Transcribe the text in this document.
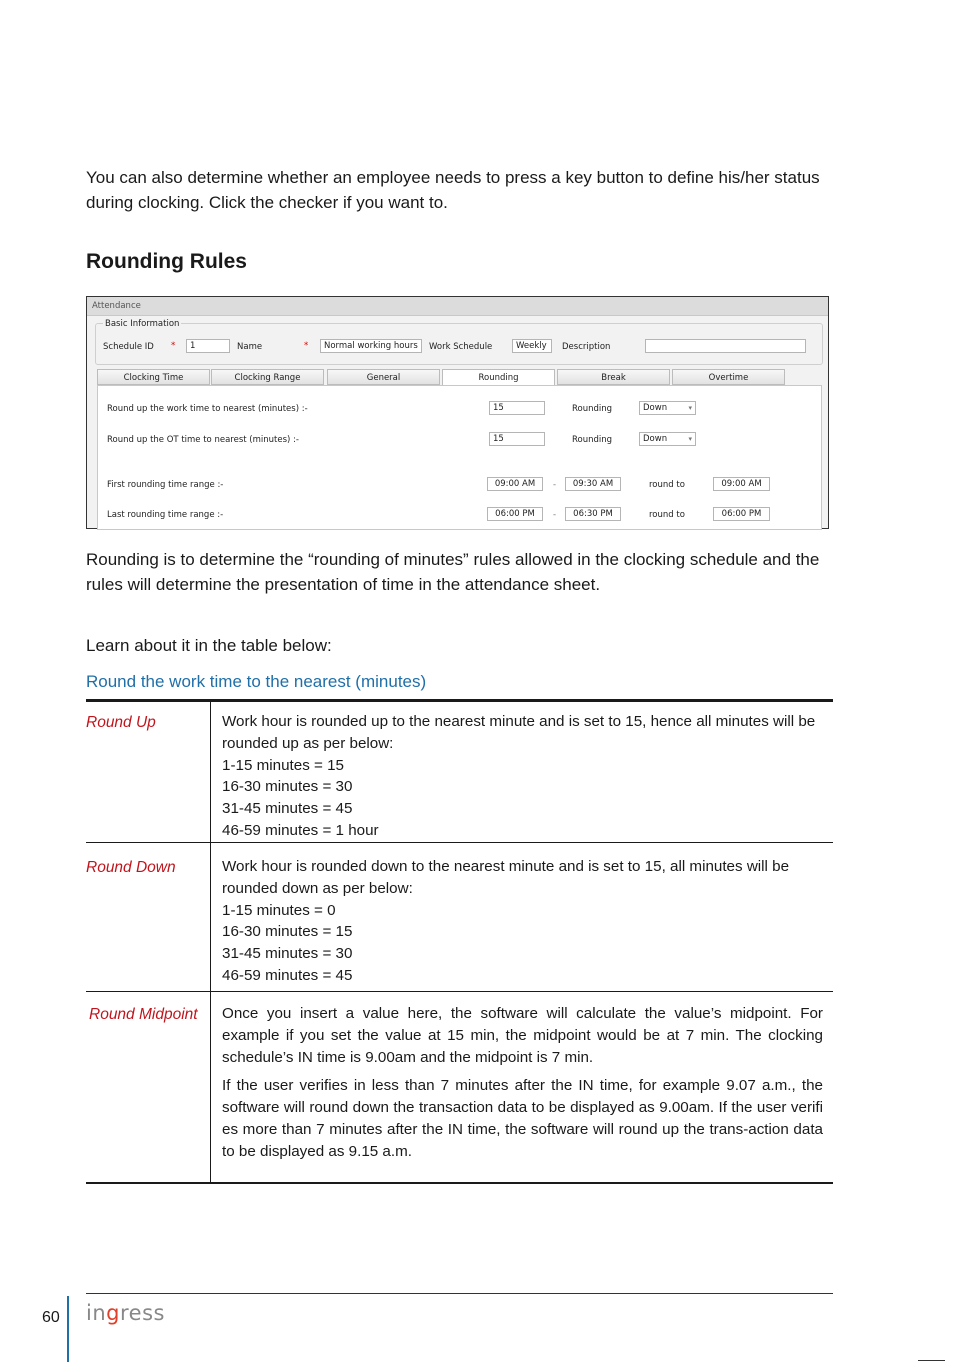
You can also determine whether an employee needs to press a key button to define his/her status during clocking. Click the checker if you want to.
Rounding Rules
Attendance
Basic Information
Schedule ID *	1	Name	*	Normal working hours	Work Schedule	Weekly	Description
Clocking Time	Clocking Range	General	Rounding	Break	Overtime
Round up the work time to nearest (minutes) :-	15	Rounding	Down ▾
Round up the OT time to nearest (minutes) :-	15	Rounding	Down ▾
First rounding time range :-	09:00 AM	-	09:30 AM	round to	09:00 AM
Last rounding time range :-	06:00 PM	-	06:30 PM	round to	06:00 PM
Rounding is to determine the “rounding of minutes” rules allowed in the clocking schedule and the rules will determine the presentation of time in the attendance sheet.
Learn about it in the table below:
Round the work time to the nearest (minutes)
Round Up	Work hour is rounded up to the nearest minute and is set to 15, hence all minutes will be rounded up as per below:

1-15 minutes = 15

16-30 minutes = 30

31-45 minutes = 45

46-59 minutes = 1 hour

Round Down	Work hour is rounded down to the nearest minute and is set to 15, all minutes will be rounded down as per below:

1-15 minutes = 0

16-30 minutes = 15

31-45 minutes = 30

46-59 minutes = 45

Round Midpoint	Once you insert a value here, the software will calculate the value’s midpoint. For example if you set the value at 15 min, the midpoint would be at 7 min. The clocking schedule’s IN time is 9.00am and the midpoint is 7 min.

If the user verifies in less than 7 minutes after the IN time, for example 9.07 a.m., the software will round down the transaction data to be displayed as 9.00am. If the user verifi es more than 7 minutes after the IN time, the software will round up the trans-action data to be displayed as 9.15 a.m.

60 ingress
